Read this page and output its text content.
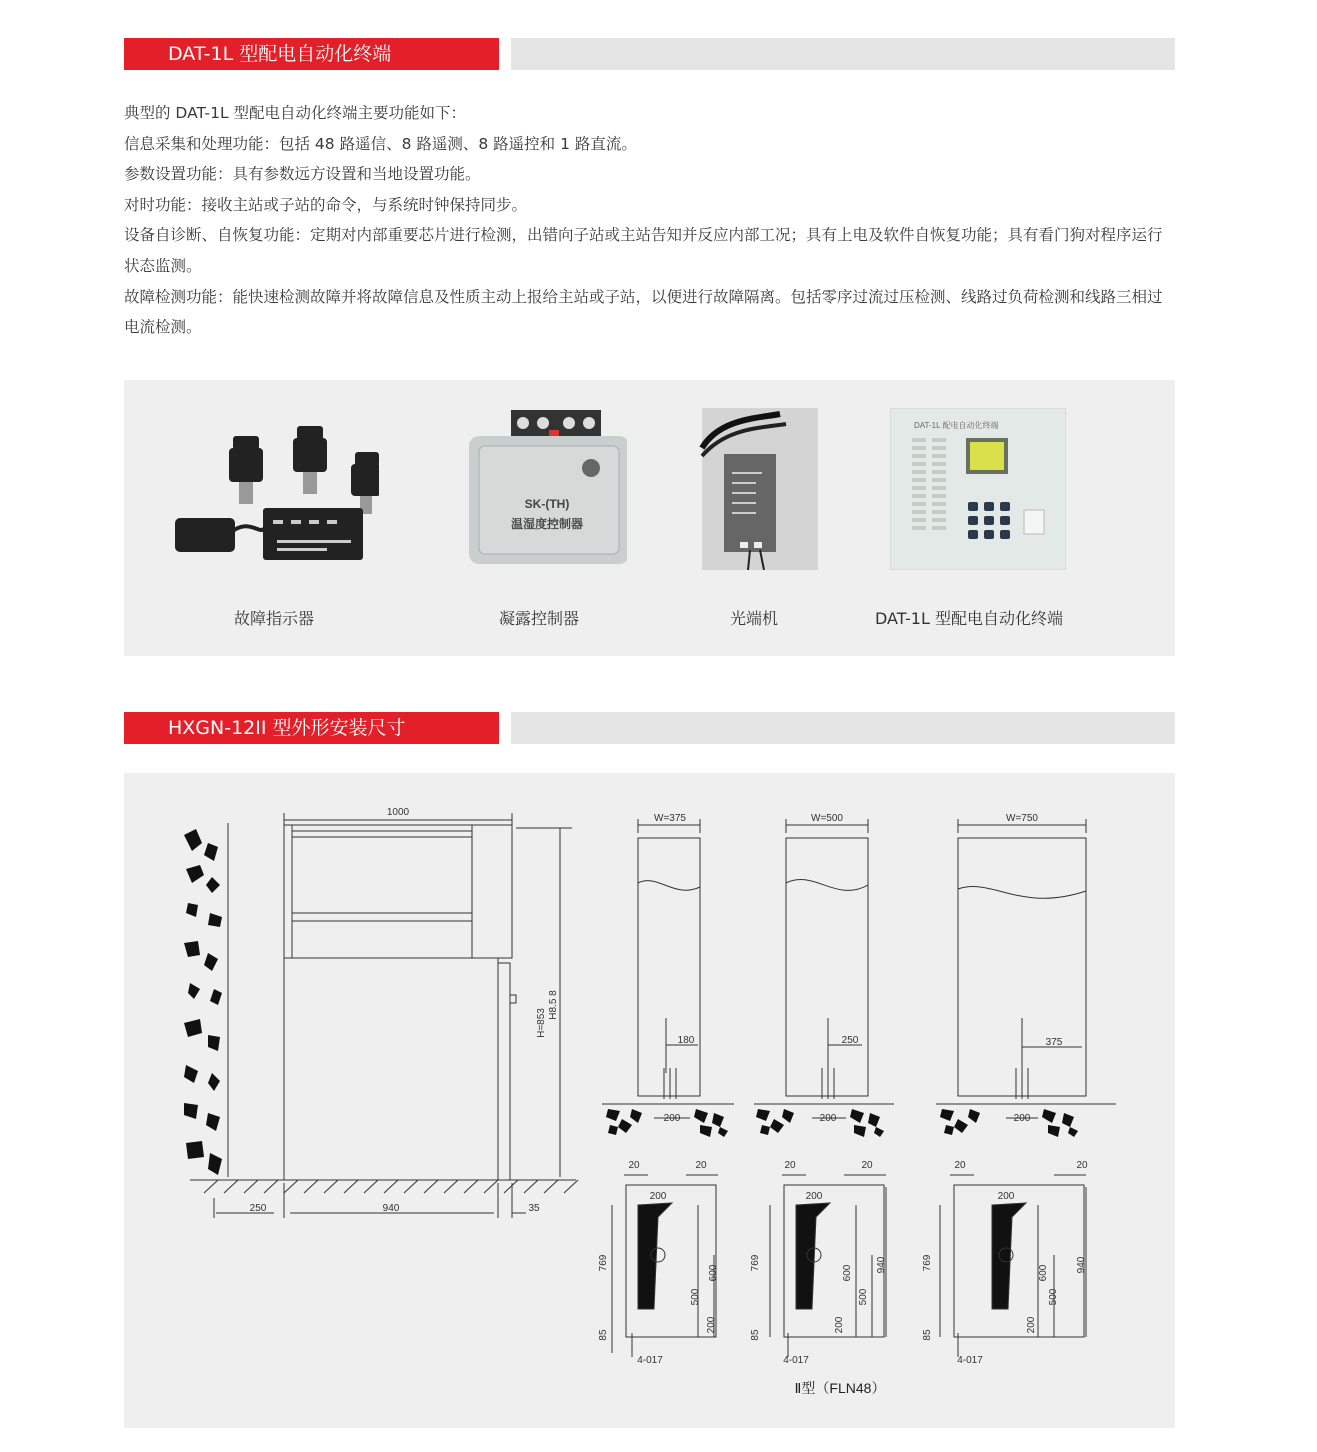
DAT-1L 型配电自动化终端

典型的 DAT-1L 型配电自动化终端主要功能如下：

信息采集和处理功能：包括 48 路遥信、8 路遥测、8 路遥控和 1 路直流。

参数设置功能：具有参数远方设置和当地设置功能。

对时功能：接收主站或子站的命令，与系统时钟保持同步。

设备自诊断、自恢复功能：定期对内部重要芯片进行检测，出错向子站或主站告知并反应内部工况；具有上电及软件自恢复功能；具有看门狗对程序运行状态监测。

故障检测功能：能快速检测故障并将故障信息及性质主动上报给主站或子站，以便进行故障隔离。包括零序过流过压检测、线路过负荷检测和线路三相过电流检测。

故障指示器
SK-(TH)
温湿度控制器
凝露控制器	光端机
DAT-1L 配电自动化终端
DAT-1L 型配电自动化终端
HXGN-12II 型外形安装尺寸
1000
H=853
H8.5 8
250	940	35
W=375
180
200
W=500
250
200
W=750
375
200
20	20
200
769
600
500
200
85
4-017
20	20
200
769
600
500
200
85
940
4-017
20	20
200
769
600
500
200
85
940
4-017
Ⅱ型（FLN48）
